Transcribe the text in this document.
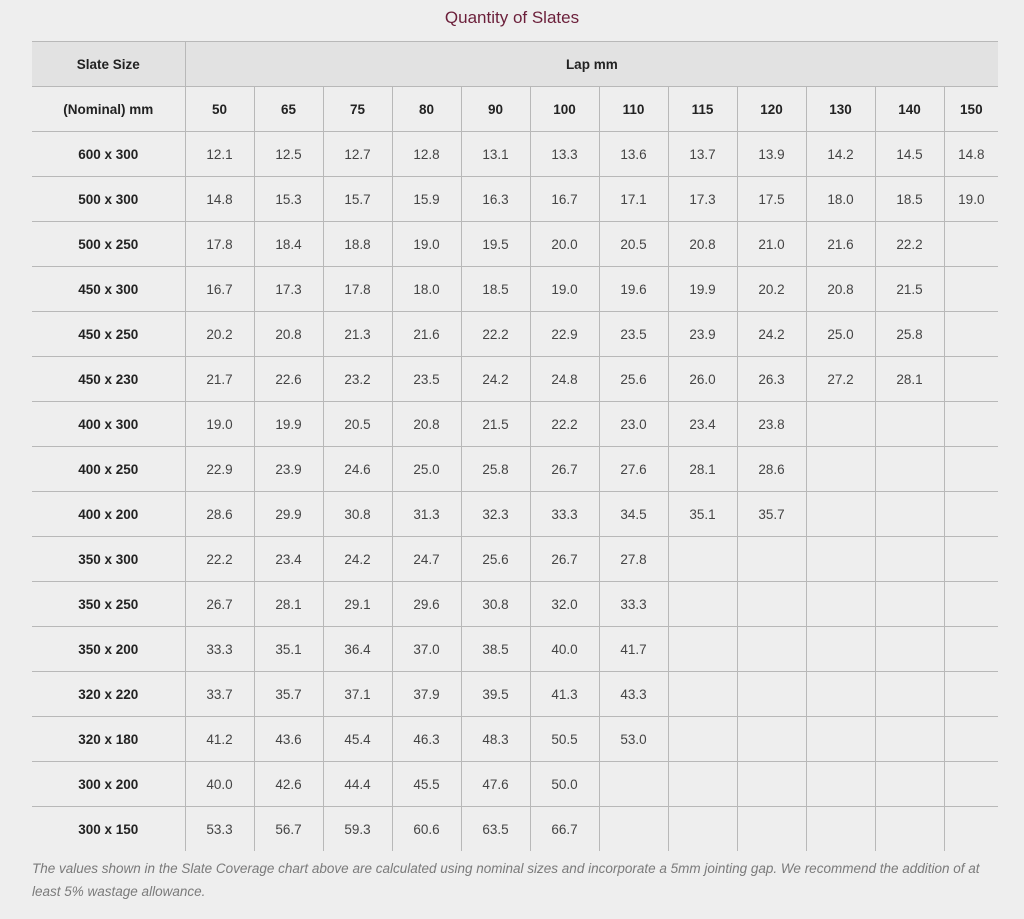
Quantity of Slates
Slate Size	Lap mm											
(Nominal) mm	50	65	75	80	90	100	110	115	120	130	140	150
600 x 300	12.1	12.5	12.7	12.8	13.1	13.3	13.6	13.7	13.9	14.2	14.5	14.8
500 x 300	14.8	15.3	15.7	15.9	16.3	16.7	17.1	17.3	17.5	18.0	18.5	19.0
500 x 250	17.8	18.4	18.8	19.0	19.5	20.0	20.5	20.8	21.0	21.6	22.2	
450 x 300	16.7	17.3	17.8	18.0	18.5	19.0	19.6	19.9	20.2	20.8	21.5	
450 x 250	20.2	20.8	21.3	21.6	22.2	22.9	23.5	23.9	24.2	25.0	25.8	
450 x 230	21.7	22.6	23.2	23.5	24.2	24.8	25.6	26.0	26.3	27.2	28.1	
400 x 300	19.0	19.9	20.5	20.8	21.5	22.2	23.0	23.4	23.8			
400 x 250	22.9	23.9	24.6	25.0	25.8	26.7	27.6	28.1	28.6			
400 x 200	28.6	29.9	30.8	31.3	32.3	33.3	34.5	35.1	35.7			
350 x 300	22.2	23.4	24.2	24.7	25.6	26.7	27.8					
350 x 250	26.7	28.1	29.1	29.6	30.8	32.0	33.3					
350 x 200	33.3	35.1	36.4	37.0	38.5	40.0	41.7					
320 x 220	33.7	35.7	37.1	37.9	39.5	41.3	43.3					
320 x 180	41.2	43.6	45.4	46.3	48.3	50.5	53.0					
300 x 200	40.0	42.6	44.4	45.5	47.6	50.0						
300 x 150	53.3	56.7	59.3	60.6	63.5	66.7						
The values shown in the Slate Coverage chart above are calculated using nominal sizes and incorporate a 5mm jointing gap. We recommend the addition of at least 5% wastage allowance.
